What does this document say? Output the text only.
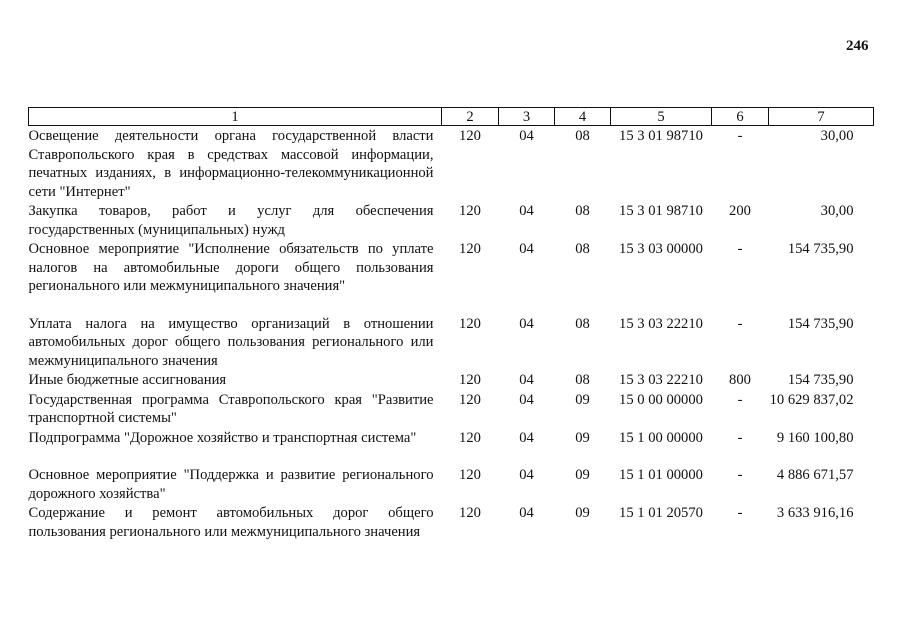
246
1	2	3	4	5	6	7
Освещение деятельности органа государственной власти Ставропольского края в средствах массовой информации, печатных изданиях, в информационно-телекоммуникационной сети "Интернет"	120	04	08	15 3 01 98710	-	30,00
Закупка товаров, работ и услуг для обеспечения государственных (муниципальных) нужд	120	04	08	15 3 01 98710	200	30,00
Основное мероприятие "Исполнение обязательств по уплате налогов на автомобильные дороги общего пользования регионального или межмуниципального значения"	120	04	08	15 3 03 00000	-	154 735,90
Уплата налога на имущество организаций в отношении автомобильных дорог общего пользования регионального или межмуниципального значения	120	04	08	15 3 03 22210	-	154 735,90
Иные бюджетные ассигнования	120	04	08	15 3 03 22210	800	154 735,90
Государственная программа Ставропольского края "Развитие транспортной системы"	120	04	09	15 0 00 00000	-	10 629 837,02
Подпрограмма "Дорожное хозяйство и транспортная система"	120	04	09	15 1 00 00000	-	9 160 100,80
Основное мероприятие "Поддержка и развитие регионального дорожного хозяйства"	120	04	09	15 1 01 00000	-	4 886 671,57
Содержание и ремонт автомобильных дорог общего пользования регионального или межмуниципального значения	120	04	09	15 1 01 20570	-	3 633 916,16
